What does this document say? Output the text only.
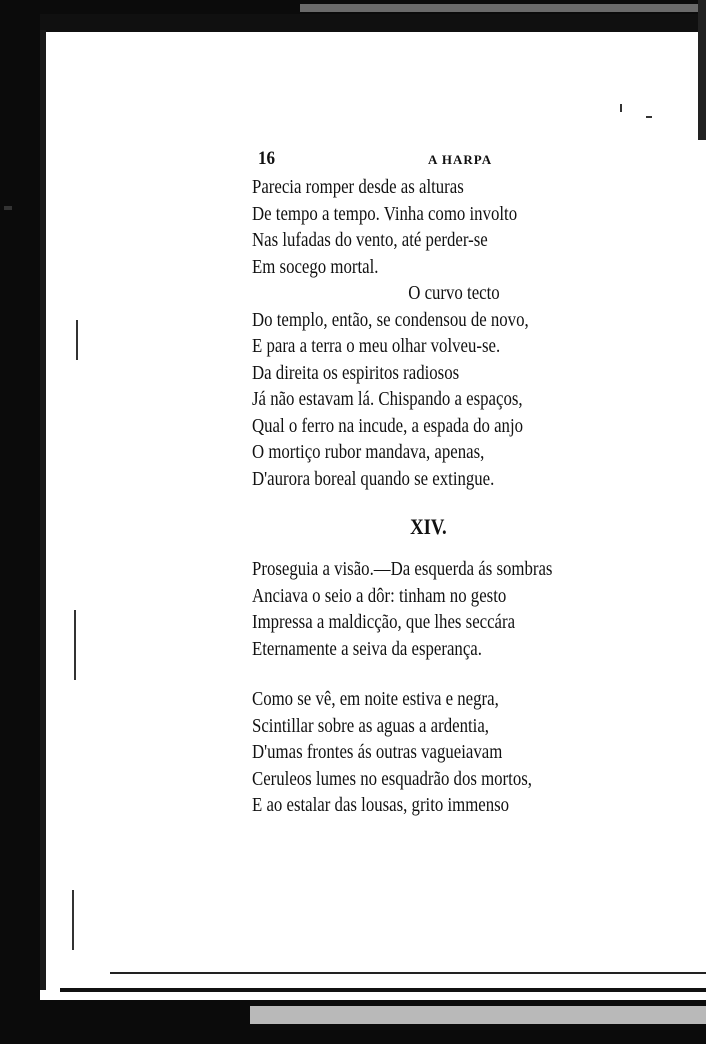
16	A HARPA
Parecia romper desde as alturas
De tempo a tempo. Vinha como involto
Nas lufadas do vento, até perder-se
Em socego mortal.
O curvo tecto
Do templo, então, se condensou de novo,
E para a terra o meu olhar volveu-se.
Da direita os espiritos radiosos
Já não estavam lá. Chispando a espaços,
Qual o ferro na incude, a espada do anjo
O mortiço rubor mandava, apenas,
D'aurora boreal quando se extingue.
XIV.
Proseguia a visão.—Da esquerda ás sombras
Anciava o seio a dôr: tinham no gesto
Impressa a maldicção, que lhes seccára
Eternamente a seiva da esperança.
Como se vê, em noite estiva e negra,
Scintillar sobre as aguas a ardentia,
D'umas frontes ás outras vagueiavam
Ceruleos lumes no esquadrão dos mortos,
E ao estalar das lousas, grito immenso
